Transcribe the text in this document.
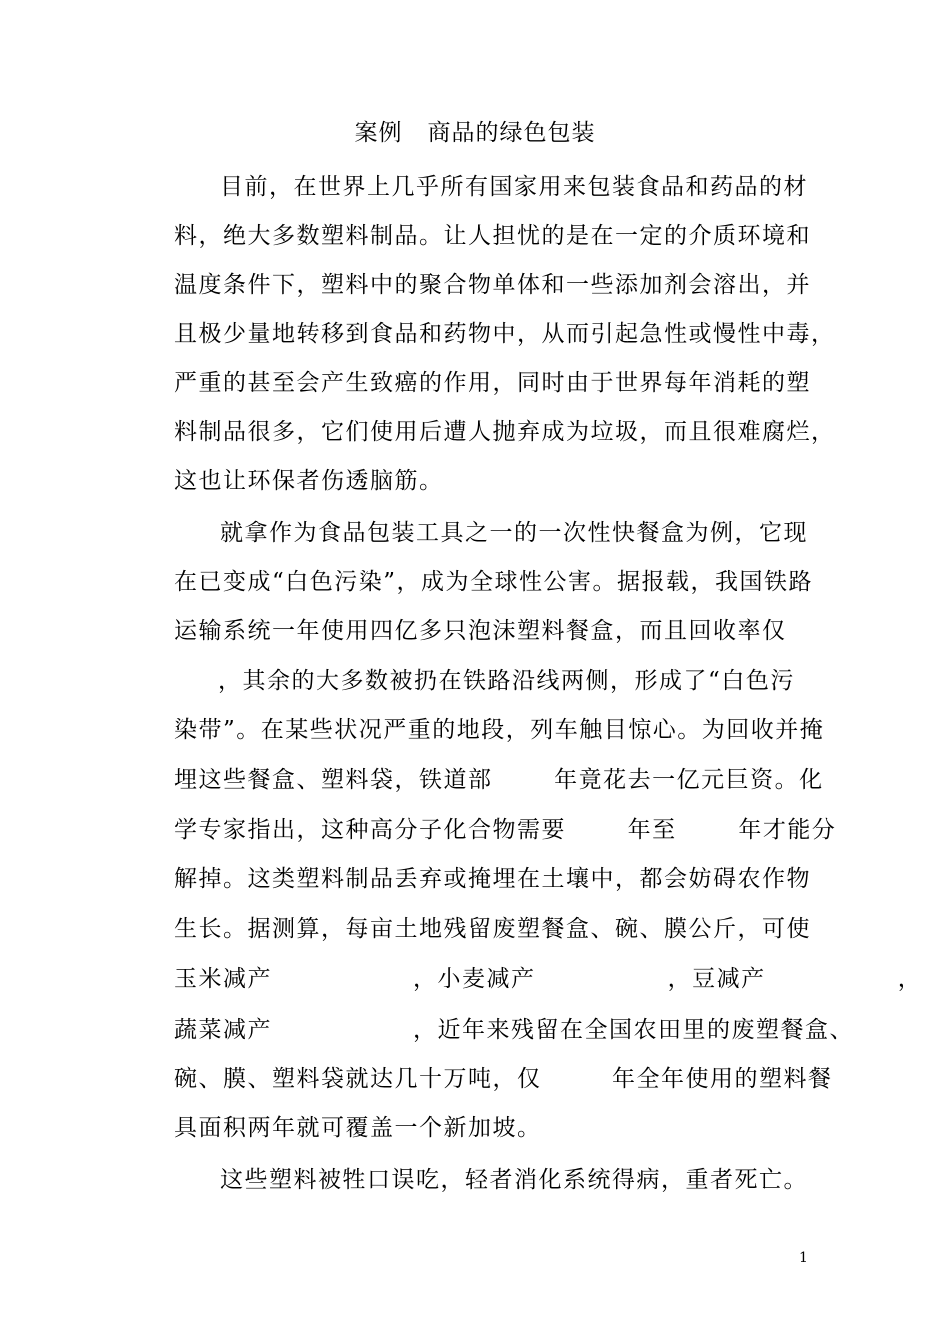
案例   商品的绿色包装
目前，在世界上几乎所有国家用来包装食品和药品的材
料，绝大多数塑料制品。让人担忧的是在一定的介质环境和
温度条件下，塑料中的聚合物单体和一些添加剂会溶出，并
且极少量地转移到食品和药物中，从而引起急性或慢性中毒，
严重的甚至会产生致癌的作用，同时由于世界每年消耗的塑
料制品很多，它们使用后遭人抛弃成为垃圾，而且很难腐烂，
这也让环保者伤透脑筋。
就拿作为食品包装工具之一的一次性快餐盒为例，它现
在已变成“白色污染”，成为全球性公害。据报载，我国铁路
运输系统一年使用四亿多只泡沫塑料餐盒，而且回收率仅
，其余的大多数被扔在铁路沿线两侧，形成了“白色污
染带”。在某些状况严重的地段，列车触目惊心。为回收并掩
埋这些餐盒、塑料袋，铁道部       年竟花去一亿元巨资。化
学专家指出，这种高分子化合物需要       年至       年才能分
解掉。这类塑料制品丢弃或掩埋在土壤中，都会妨碍农作物
生长。据测算，每亩土地残留废塑餐盒、碗、膜公斤，可使
玉米减产                ，小麦减产               ，豆减产               ，
蔬菜减产                ，近年来残留在全国农田里的废塑餐盒、
碗、膜、塑料袋就达几十万吨，仅        年全年使用的塑料餐
具面积两年就可覆盖一个新加坡。
这些塑料被牲口误吃，轻者消化系统得病，重者死亡。
1
